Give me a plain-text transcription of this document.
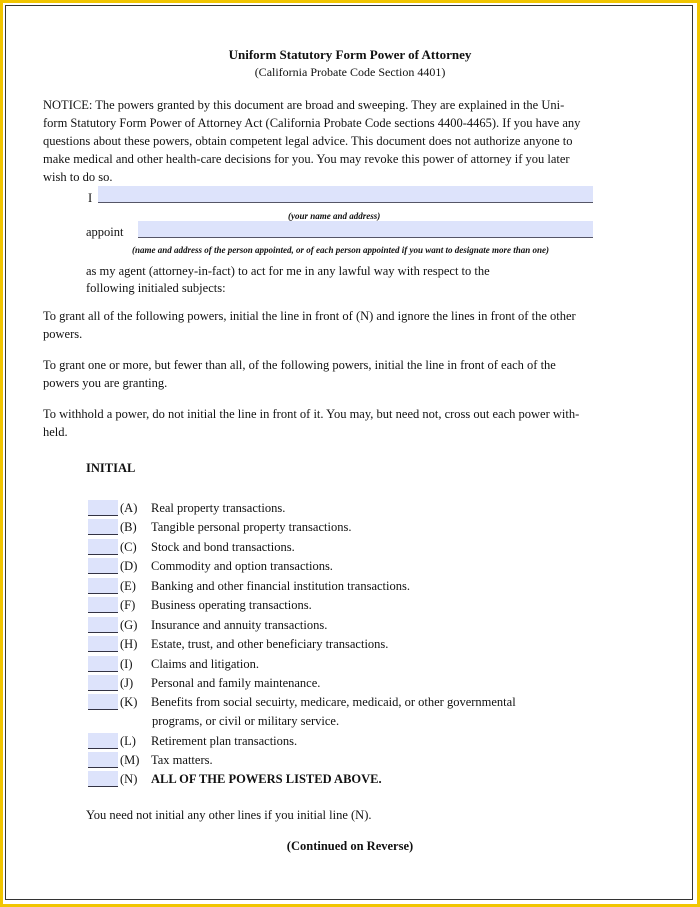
Uniform Statutory Form Power of Attorney
(California Probate Code Section 4401)
NOTICE: The powers granted by this document are broad and sweeping. They are explained in the Uni-
form Statutory Form Power of Attorney Act (California Probate Code sections 4400-4465). If you have any
questions about these powers, obtain competent legal advice. This document does not authorize anyone to
make medical and other health-care decisions for you. You may revoke this power of attorney if you later
wish to do so.
I
(your name and address)
appoint
(name and address of the person appointed, or of each person appointed if you want to designate more than one)
as my agent (attorney-in-fact) to act for me in any lawful way with respect to the
following initialed subjects:
To grant all of the following powers, initial the line in front of (N) and ignore the lines in front of the other
powers.
To grant one or more, but fewer than all, of the following powers, initial the line in front of each of the
powers you are granting.
To withhold a power, do not initial the line in front of it. You may, but need not, cross out each power with-
held.
INITIAL
(A) Real property transactions.
(B) Tangible personal property transactions.
(C) Stock and bond transactions.
(D) Commodity and option transactions.
(E) Banking and other financial institution transactions.
(F) Business operating transactions.
(G) Insurance and annuity transactions.
(H) Estate, trust, and other beneficiary transactions.
(I) Claims and litigation.
(J) Personal and family maintenance.
(K) Benefits from social secuirty, medicare, medicaid, or other governmental
programs, or civil or military service.
(L) Retirement plan transactions.
(M) Tax matters.
(N) ALL OF THE POWERS LISTED ABOVE.
You need not initial any other lines if you initial line (N).
(Continued on Reverse)
